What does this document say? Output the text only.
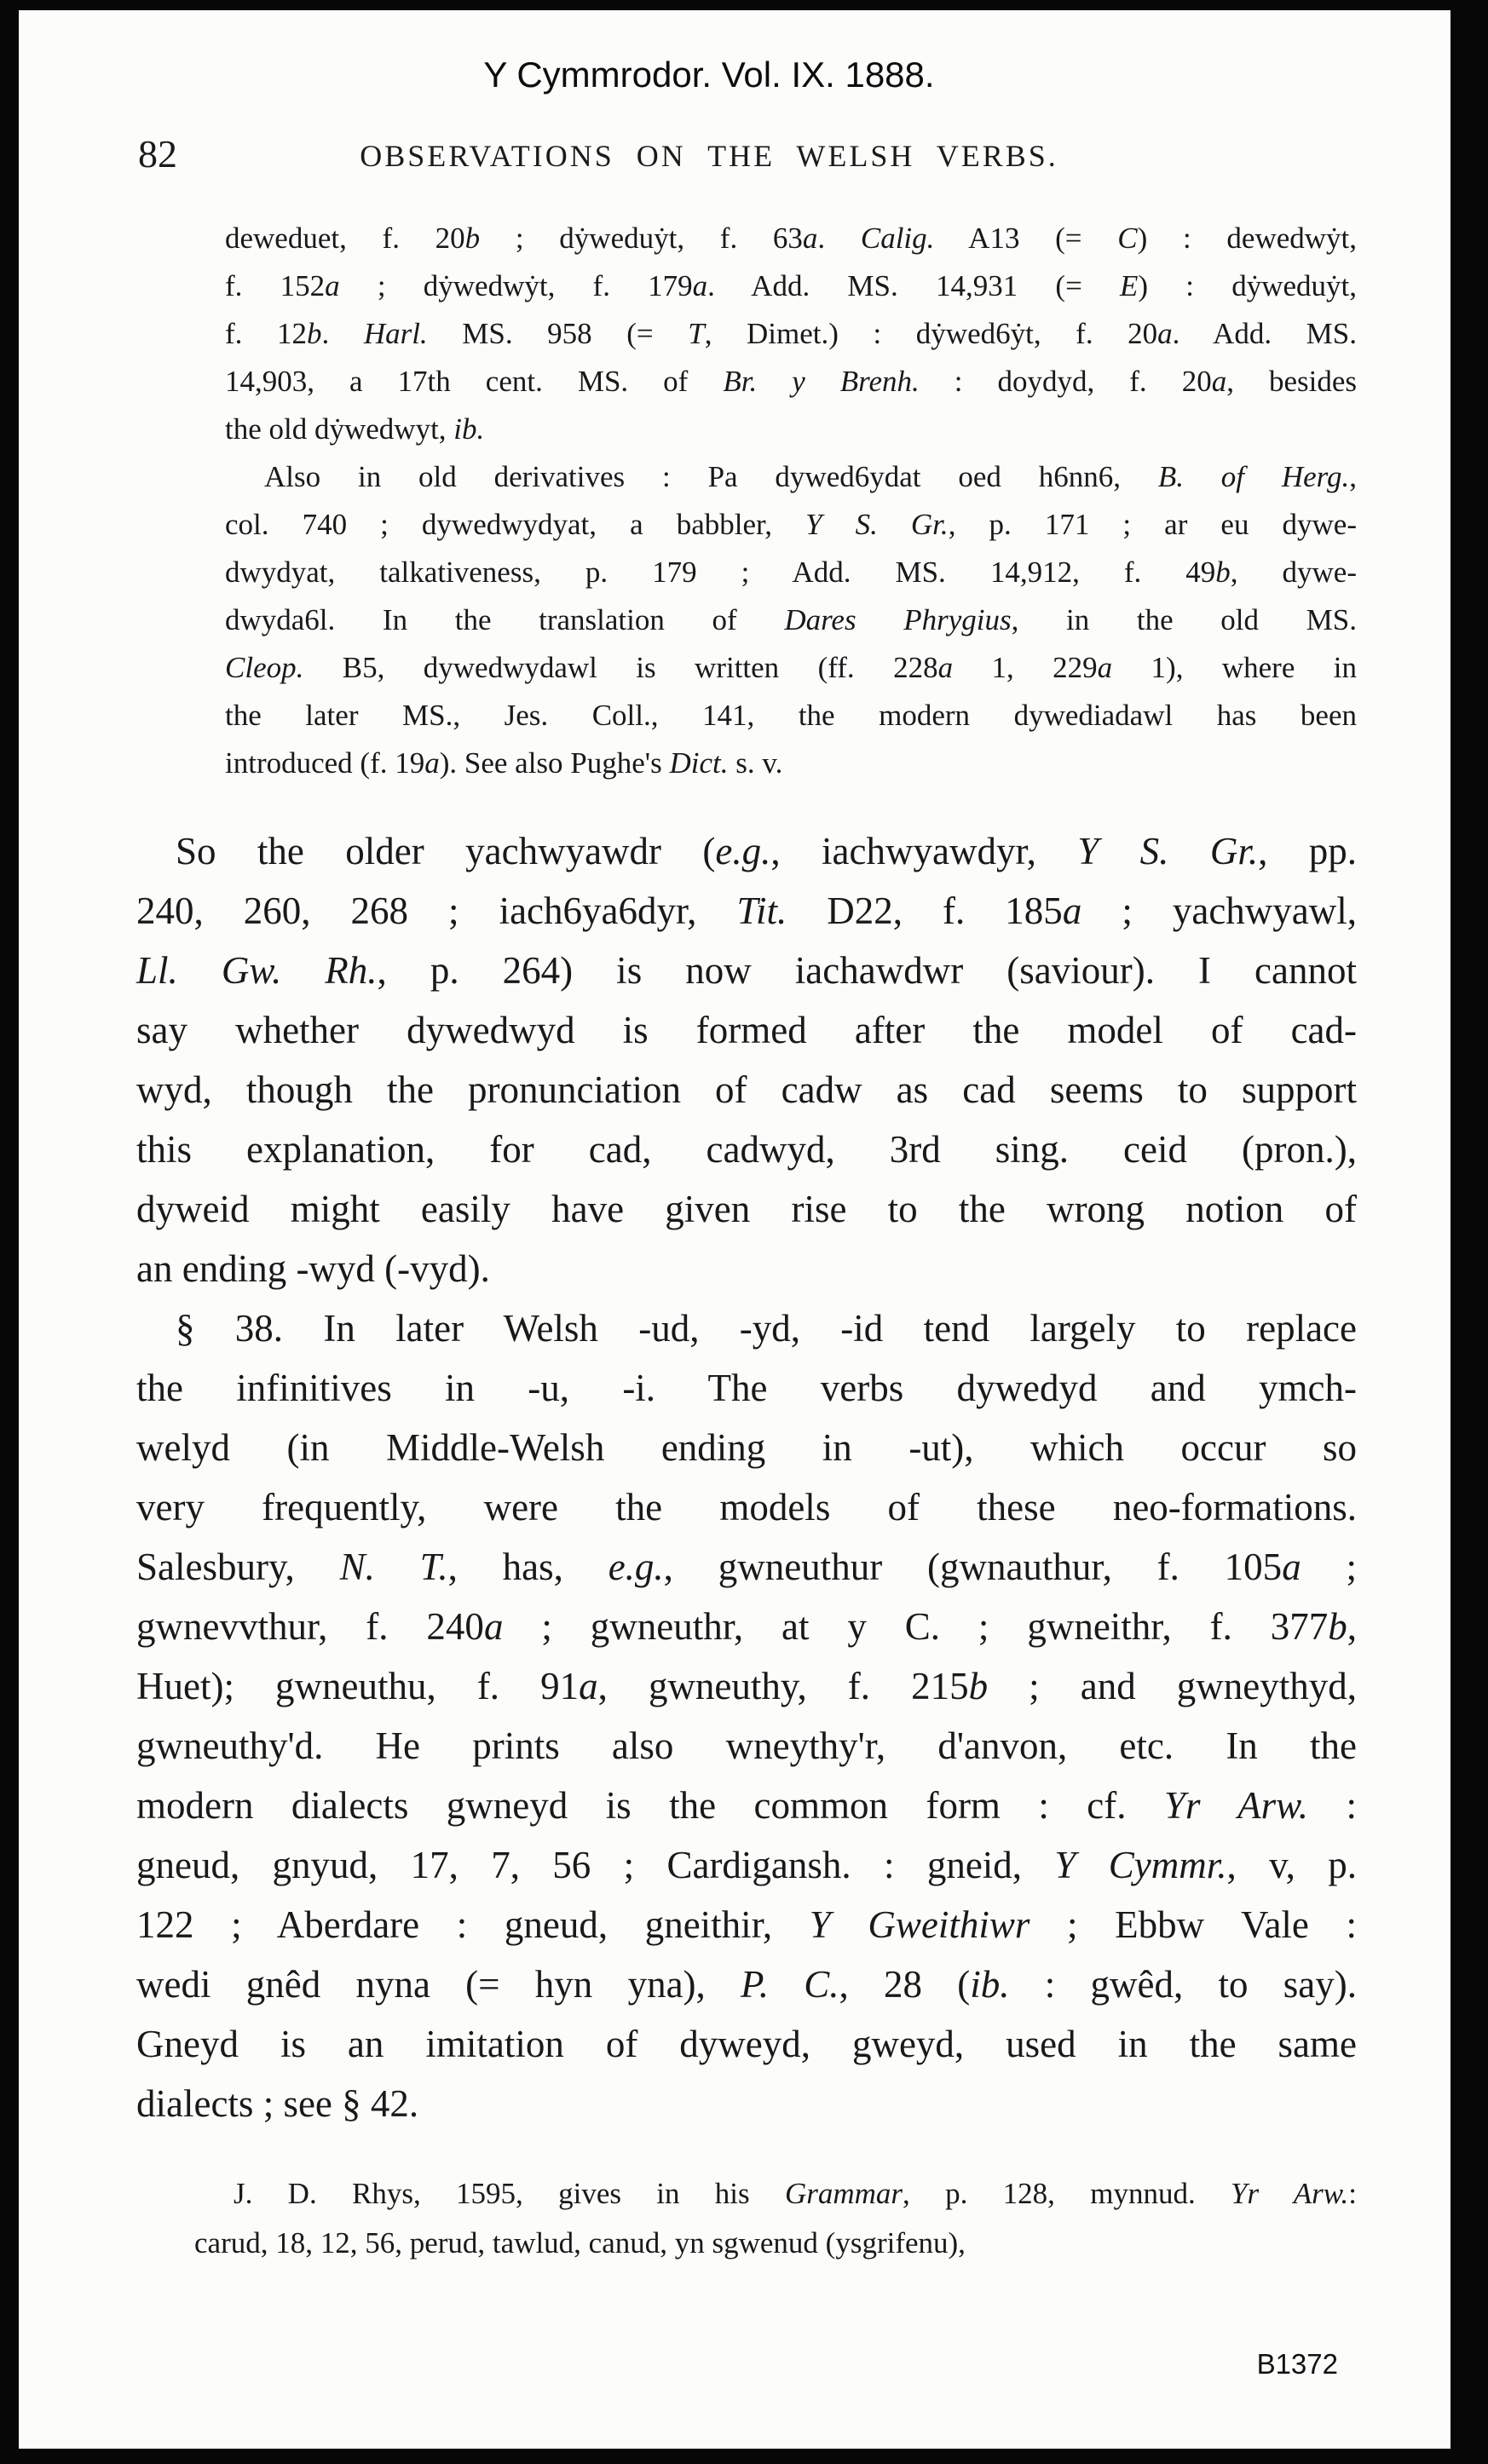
Y Cymmrodor. Vol. IX. 1888.
82	OBSERVATIONS ON THE WELSH VERBS.
deweduet, f. 20b ; dẏweduẏt, f. 63a. Calig. A13 (= C) : dewedwẏt,
f. 152a ; dẏwedwẏt, f. 179a. Add. MS. 14,931 (= E) : dẏweduẏt,
f. 12b. Harl. MS. 958 (= T, Dimet.) : dẏwed6ẏt, f. 20a. Add. MS.
14,903, a 17th cent. MS. of Br. y Brenh. : doydyd, f. 20a, besides
the old dẏwedwyt, ib.
Also in old derivatives : Pa dywed6ydat oed h6nn6, B. of Herg.,
col. 740 ; dywedwydyat, a babbler, Y S. Gr., p. 171 ; ar eu dywe-
dwydyat, talkativeness, p. 179 ; Add. MS. 14,912, f. 49b, dywe-
dwyda6l. In the translation of Dares Phrygius, in the old MS.
Cleop. B5, dywedwydawl is written (ff. 228a 1, 229a 1), where in
the later MS., Jes. Coll., 141, the modern dywediadawl has been
introduced (f. 19a). See also Pughe's Dict. s. v.
So the older yachwyawdr (e.g., iachwyawdyr, Y S. Gr., pp.
240, 260, 268 ; iach6ya6dyr, Tit. D22, f. 185a ; yachwyawl,
Ll. Gw. Rh., p. 264) is now iachawdwr (saviour). I cannot
say whether dywedwyd is formed after the model of cad-
wyd, though the pronunciation of cadw as cad seems to support
this explanation, for cad, cadwyd, 3rd sing. ceid (pron.),
dyweid might easily have given rise to the wrong notion of
an ending -wyd (-vyd).
§ 38. In later Welsh -ud, -yd, -id tend largely to replace
the infinitives in -u, -i. The verbs dywedyd and ymch-
welyd (in Middle-Welsh ending in -ut), which occur so
very frequently, were the models of these neo-formations.
Salesbury, N. T., has, e.g., gwneuthur (gwnauthur, f. 105a ;
gwnevvthur, f. 240a ; gwneuthr, at y C. ; gwneithr, f. 377b,
Huet); gwneuthu, f. 91a, gwneuthy, f. 215b ; and gwneythyd,
gwneuthy'd. He prints also wneythy'r, d'anvon, etc. In the
modern dialects gwneyd is the common form : cf. Yr Arw. :
gneud, gnyud, 17, 7, 56 ; Cardigansh. : gneid, Y Cymmr., v, p.
122 ; Aberdare : gneud, gneithir, Y Gweithiwr ; Ebbw Vale :
wedi gnêd nyna (= hyn yna), P. C., 28 (ib. : gwêd, to say).
Gneyd is an imitation of dyweyd, gweyd, used in the same
dialects ; see § 42.
J. D. Rhys, 1595, gives in his Grammar, p. 128, mynnud. Yr Arw.:
carud, 18, 12, 56, perud, tawlud, canud, yn sgwenud (ysgrifenu),
B1372
